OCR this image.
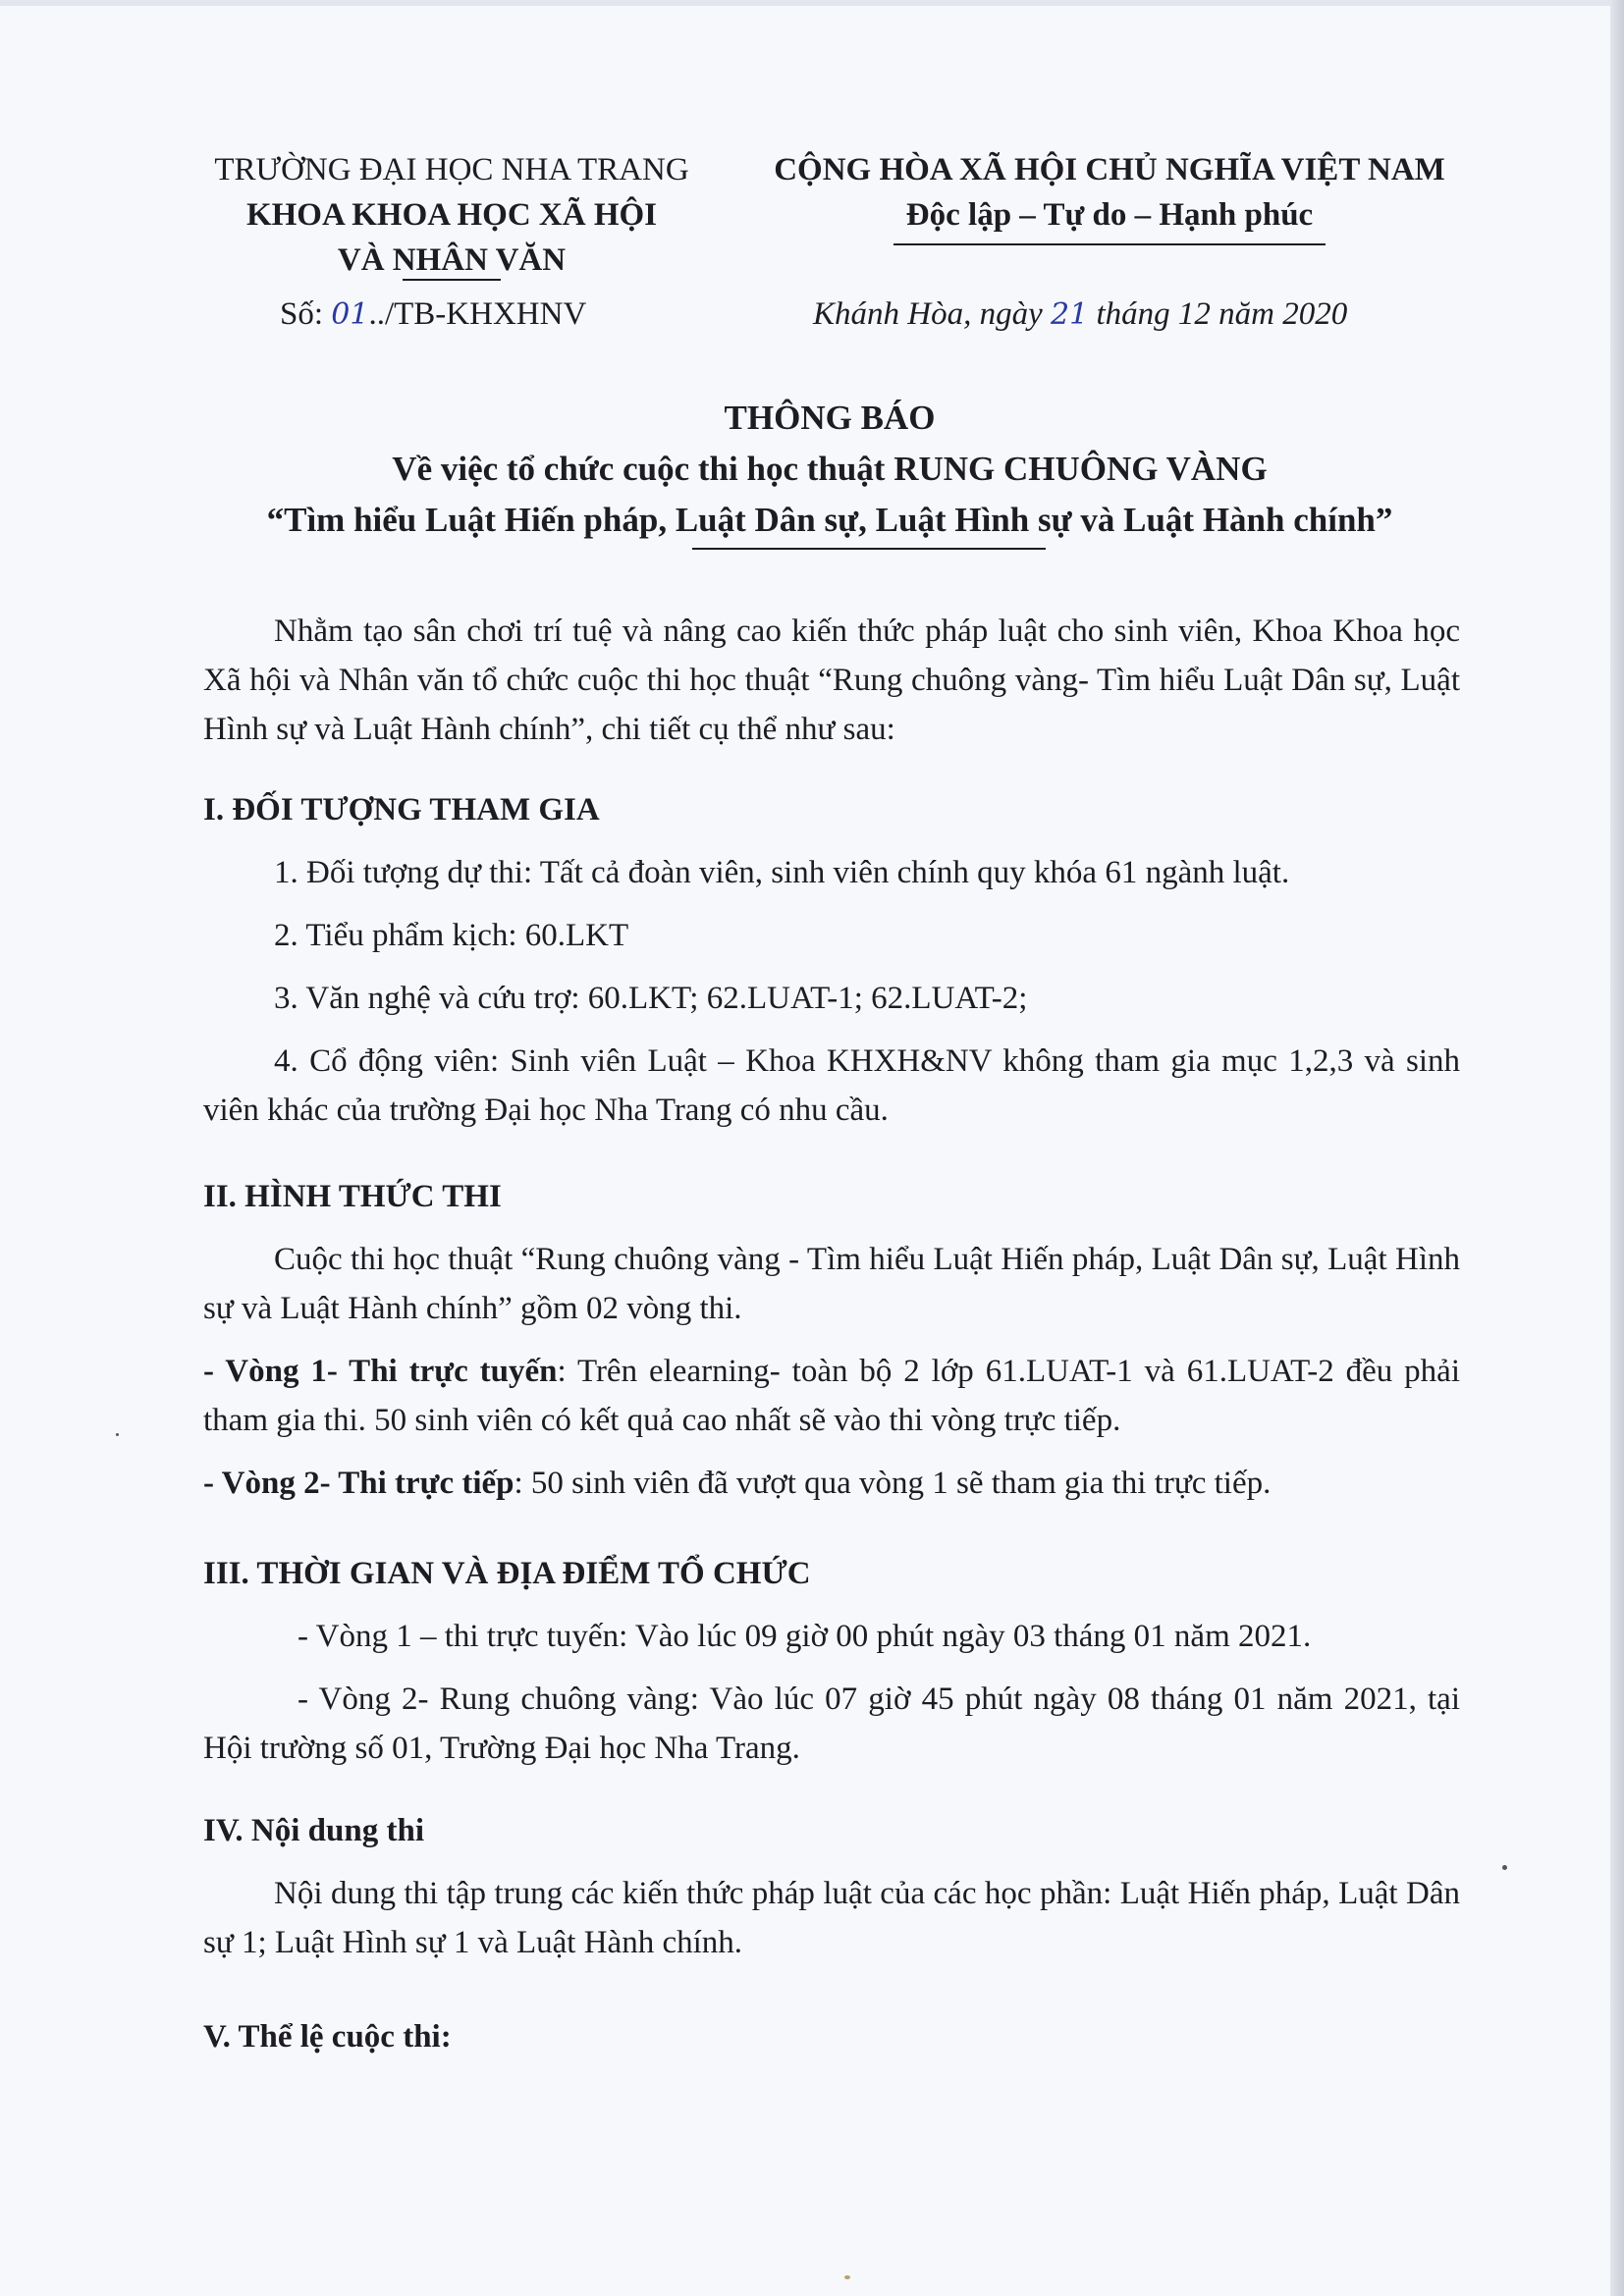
TRƯỜNG ĐẠI HỌC NHA TRANG
KHOA KHOA HỌC XÃ HỘI
VÀ NHÂN VĂN
CỘNG HÒA XÃ HỘI CHỦ NGHĨA VIỆT NAM
Độc lập – Tự do – Hạnh phúc
Số: 01../TB-KHXHNV	Khánh Hòa, ngày 21 tháng 12 năm 2020
THÔNG BÁO
Về việc tổ chức cuộc thi học thuật RUNG CHUÔNG VÀNG
“Tìm hiểu Luật Hiến pháp, Luật Dân sự, Luật Hình sự và Luật Hành chính”

Nhằm tạo sân chơi trí tuệ và nâng cao kiến thức pháp luật cho sinh viên, Khoa Khoa học Xã hội và Nhân văn tổ chức cuộc thi học thuật “Rung chuông vàng- Tìm hiểu Luật Dân sự, Luật Hình sự và Luật Hành chính”, chi tiết cụ thể như sau:

I. ĐỐI TƯỢNG THAM GIA

1. Đối tượng dự thi: Tất cả đoàn viên, sinh viên chính quy khóa 61 ngành luật.

2. Tiểu phẩm kịch: 60.LKT

3. Văn nghệ và cứu trợ: 60.LKT; 62.LUAT-1; 62.LUAT-2;

4. Cổ động viên: Sinh viên Luật – Khoa KHXH&NV không tham gia mục 1,2,3 và sinh viên khác của trường Đại học Nha Trang có nhu cầu.

II. HÌNH THỨC THI

Cuộc thi học thuật “Rung chuông vàng - Tìm hiểu Luật Hiến pháp, Luật Dân sự, Luật Hình sự và Luật Hành chính” gồm 02 vòng thi.

- Vòng 1- Thi trực tuyến: Trên elearning- toàn bộ 2 lớp 61.LUAT-1 và 61.LUAT-2 đều phải tham gia thi. 50 sinh viên có kết quả cao nhất sẽ vào thi vòng trực tiếp.

- Vòng 2- Thi trực tiếp: 50 sinh viên đã vượt qua vòng 1 sẽ tham gia thi trực tiếp.

III. THỜI GIAN VÀ ĐỊA ĐIỂM TỔ CHỨC

- Vòng 1 – thi trực tuyến: Vào lúc 09 giờ 00 phút ngày 03 tháng 01 năm 2021.

- Vòng 2- Rung chuông vàng: Vào lúc 07 giờ 45 phút ngày 08 tháng 01 năm 2021, tại Hội trường số 01, Trường Đại học Nha Trang.

IV. Nội dung thi

Nội dung thi tập trung các kiến thức pháp luật của các học phần: Luật Hiến pháp, Luật Dân sự 1; Luật Hình sự 1 và Luật Hành chính.

V. Thể lệ cuộc thi:
